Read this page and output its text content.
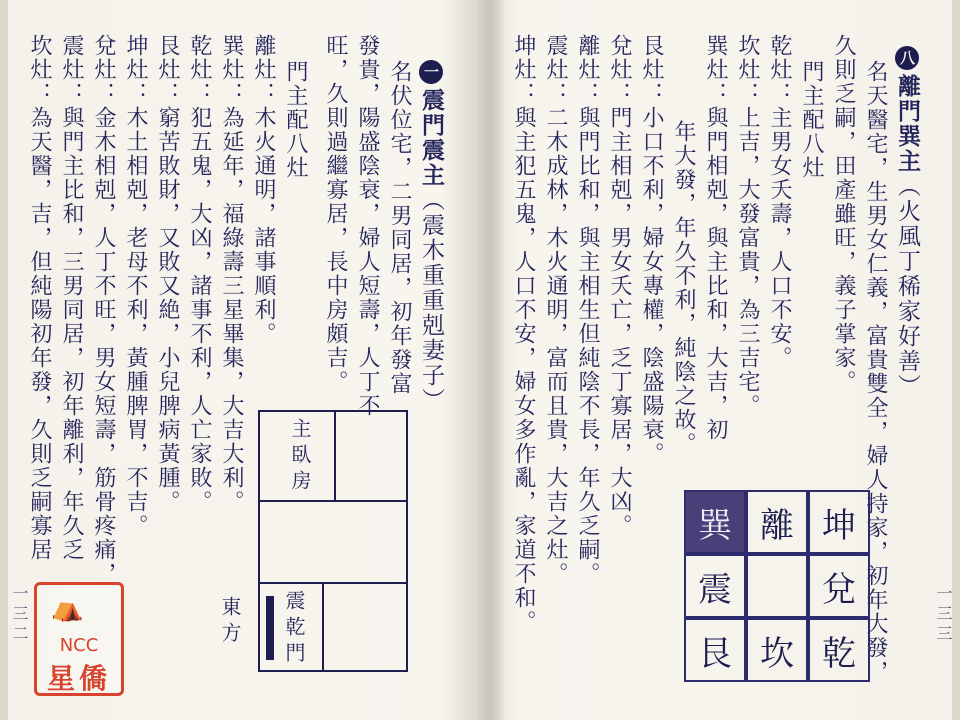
八離門巽主（火風丁稀家好善）
名天醫宅，生男女仁義，富貴雙全，婦人持家，初年大發，
久則乏嗣，田產雖旺，義子掌家。
門主配八灶
乾灶：主男女夭壽，人口不安。
坎灶：上吉，大發富貴，為三吉宅。
巽灶：與門相剋，與主比和，大吉，初
年大發，年久不利，純陰之故。
艮灶：小口不利，婦女專權，陰盛陽衰。
兌灶：門主相剋，男女夭亡，乏丁寡居，大凶。
離灶：與門比和，與主相生但純陰不長，年久乏嗣。
震灶：二木成林，木火通明，富而且貴，大吉之灶。
坤灶：與主犯五鬼，人口不安，婦女多作亂，家道不和。	一三三
巽 離 坤
震	兌
艮 坎 乾
一震門震主（震木重重剋妻子）
名伏位宅，二男同居，初年發富
發貴，陽盛陰衰，婦人短壽，人丁不
旺，久則過繼寡居，長中房頗吉。
門主配八灶
離灶：木火通明，諸事順利。
巽灶：為延年，福綠壽三星畢集，大吉大利。
乾灶：犯五鬼，大凶，諸事不利，人亡家敗。
艮灶：窮苦敗財，又敗又絶，小兒脾病黃腫。
坤灶：木土相剋，老母不利，黃腫脾胃，不吉。
兌灶：金木相剋，人丁不旺，男女短壽，筋骨疼痛，
震灶：與門主比和，三男同居，初年離利，年久乏
坎灶：為天醫，吉，但純陽初年發，久則乏嗣寡居
一三二
主臥房
震乾門
東方
⛺
NCC
星僑
